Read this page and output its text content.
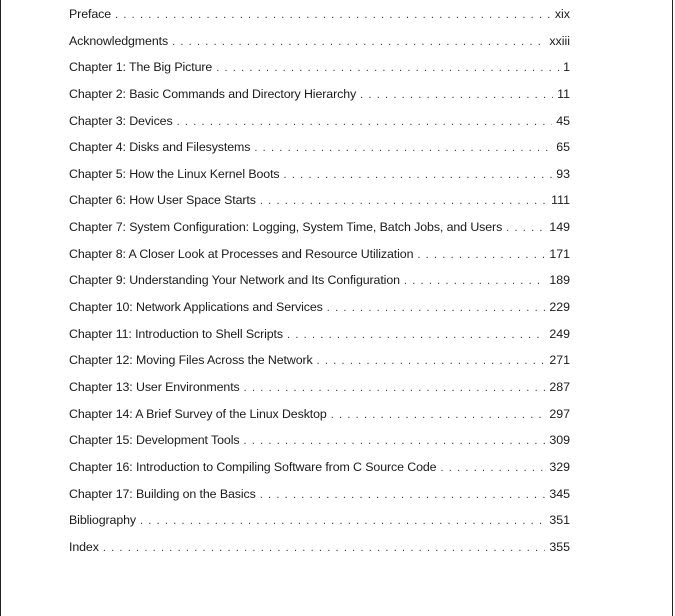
Preface . . .	xix
Acknowledgments . . .	xxiii
Chapter 1: The Big Picture . . .	1
Chapter 2: Basic Commands and Directory Hierarchy . . .	11
Chapter 3: Devices . . .	45
Chapter 4: Disks and Filesystems . . .	65
Chapter 5: How the Linux Kernel Boots . . .	93
Chapter 6: How User Space Starts . . .	111
Chapter 7: System Configuration: Logging, System Time, Batch Jobs, and Users . . .	149
Chapter 8: A Closer Look at Processes and Resource Utilization . . .	171
Chapter 9: Understanding Your Network and Its Configuration . . .	189
Chapter 10: Network Applications and Services . . .	229
Chapter 11: Introduction to Shell Scripts . . .	249
Chapter 12: Moving Files Across the Network . . .	271
Chapter 13: User Environments . . .	287
Chapter 14: A Brief Survey of the Linux Desktop . . .	297
Chapter 15: Development Tools . . .	309
Chapter 16: Introduction to Compiling Software from C Source Code . . .	329
Chapter 17: Building on the Basics . . .	345
Bibliography . . .	351
Index . . .	355
